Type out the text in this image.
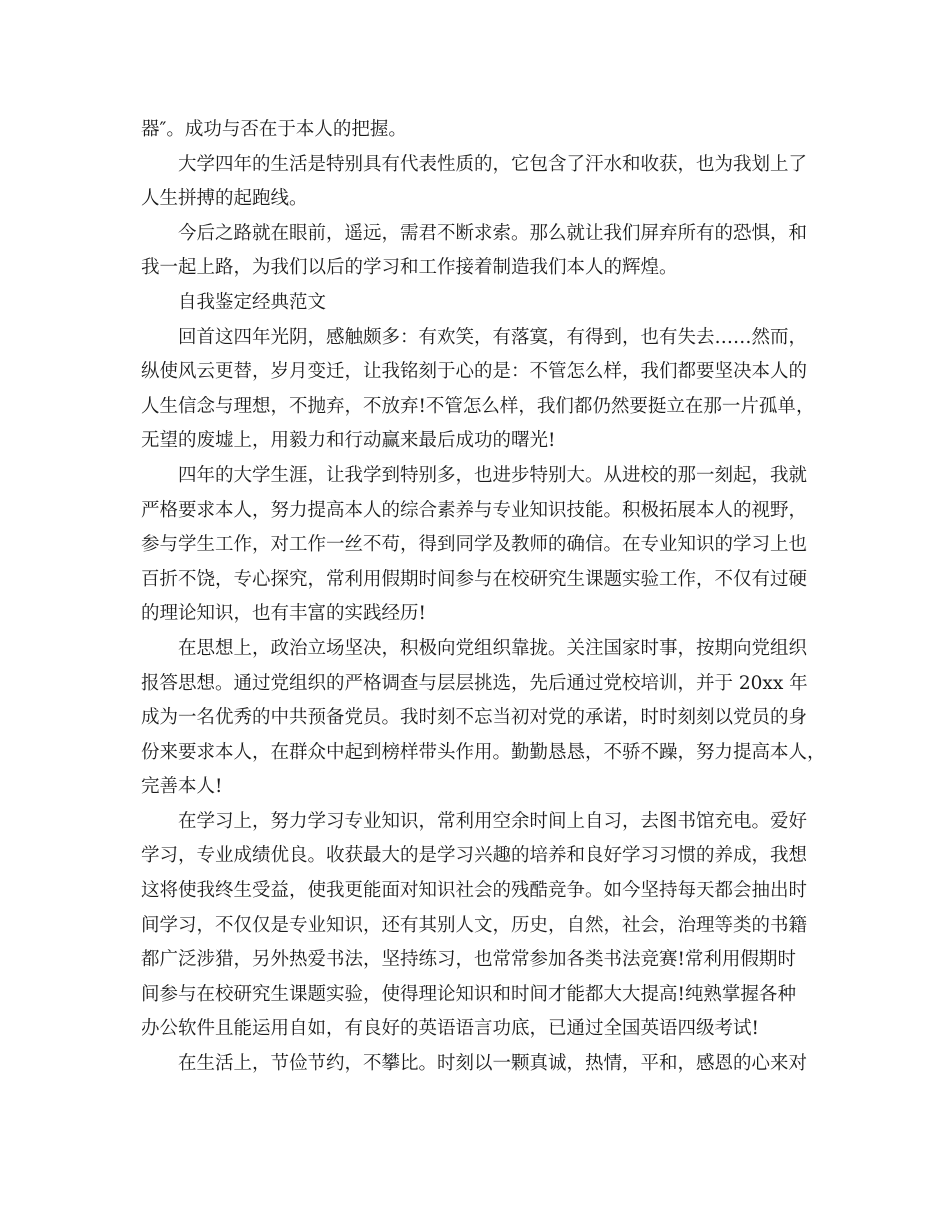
器″。成功与否在于本人的把握。
大学四年的生活是特别具有代表性质的，它包含了汗水和收获，也为我划上了
人生拼搏的起跑线。
今后之路就在眼前，遥远，需君不断求索。那么就让我们屏弃所有的恐惧，和
我一起上路，为我们以后的学习和工作接着制造我们本人的辉煌。
自我鉴定经典范文
回首这四年光阴，感触颇多：有欢笑，有落寞，有得到，也有失去……然而，
纵使风云更替，岁月变迁，让我铭刻于心的是：不管怎么样，我们都要坚决本人的
人生信念与理想，不抛弃，不放弃!不管怎么样，我们都仍然要挺立在那一片孤单，
无望的废墟上，用毅力和行动赢来最后成功的曙光!
四年的大学生涯，让我学到特别多，也进步特别大。从进校的那一刻起，我就
严格要求本人，努力提高本人的综合素养与专业知识技能。积极拓展本人的视野，
参与学生工作，对工作一丝不苟，得到同学及教师的确信。在专业知识的学习上也
百折不饶，专心探究，常利用假期时间参与在校研究生课题实验工作，不仅有过硬
的理论知识，也有丰富的实践经历!
在思想上，政治立场坚决，积极向党组织靠拢。关注国家时事，按期向党组织
报答思想。通过党组织的严格调查与层层挑选，先后通过党校培训，并于 20xx 年
成为一名优秀的中共预备党员。我时刻不忘当初对党的承诺，时时刻刻以党员的身
份来要求本人，在群众中起到榜样带头作用。勤勤恳恳，不骄不躁，努力提高本人，
完善本人!
在学习上，努力学习专业知识，常利用空余时间上自习，去图书馆充电。爱好
学习，专业成绩优良。收获最大的是学习兴趣的培养和良好学习习惯的养成，我想
这将使我终生受益，使我更能面对知识社会的残酷竞争。如今坚持每天都会抽出时
间学习，不仅仅是专业知识，还有其别人文，历史，自然，社会，治理等类的书籍
都广泛涉猎，另外热爱书法，坚持练习，也常常参加各类书法竞赛!常利用假期时
间参与在校研究生课题实验，使得理论知识和时间才能都大大提高!纯熟掌握各种
办公软件且能运用自如，有良好的英语语言功底，已通过全国英语四级考试!
在生活上，节俭节约，不攀比。时刻以一颗真诚，热情，平和，感恩的心来对
